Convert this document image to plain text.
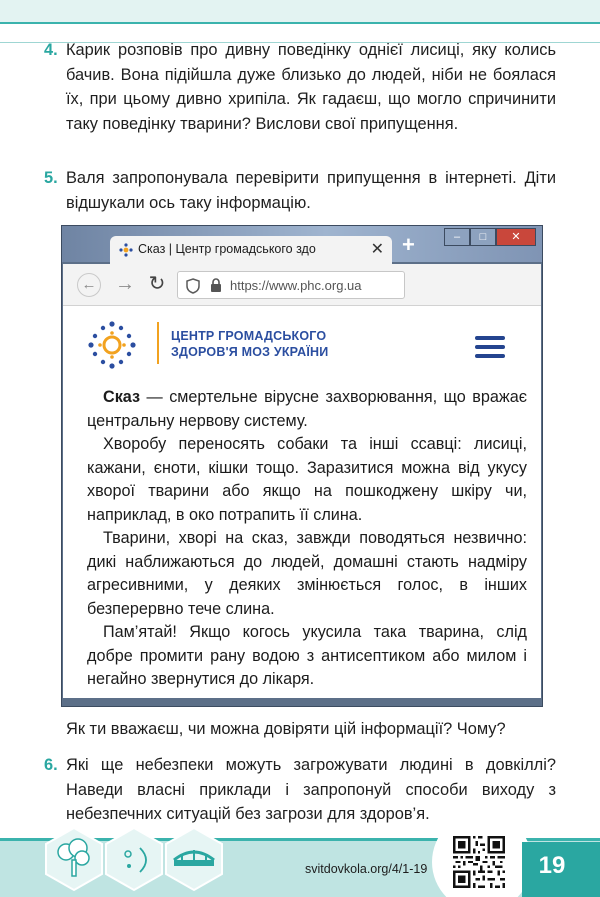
4. Карик розповів про дивну поведінку однієї лисиці, яку колись бачив. Вона підійшла дуже близько до людей, ніби не боялася їх, при цьому дивно хрипіла. Як гадаєш, що могло спричинити таку поведінку тварини? Вислови свої припущення.
5. Валя запропонувала перевірити припущення в інтернеті. Діти відшукали ось таку інформацію.
Сказ | Центр громадського здо	✕ +	–	□	✕
← → ↻	https://www.phc.org.ua
ЦЕНТР ГРОМАДСЬКОГО
ЗДОРОВ'Я МОЗ УКРАЇНИ

Сказ — смертельне вірусне захворювання, що вражає центральну нервову систему.

Хворобу переносять собаки та інші ссавці: лисиці, кажани, єноти, кішки тощо. Заразитися можна від укусу хворої тварини або якщо на пошкоджену шкіру чи, наприклад, в око потрапить її слина.

Тварини, хворі на сказ, завжди поводяться незвично: дикі наближаються до людей, домашні стають надміру агресивними, у деяких змінюється голос, в інших безперервно тече слина.

Пам’ятай! Якщо когось укусила така тварина, слід добре промити рану водою з антисептиком або милом і негайно звернутися до лікаря.

Як ти вважаєш, чи можна довіряти цій інформації? Чому?
6. Які ще небезпеки можуть загрожувати людині в довкіллі? Наведи власні приклади і запропонуй способи виходу з небезпечних ситуацій без загрози для здоров’я.
svitdovkola.org/4/1-19	19
